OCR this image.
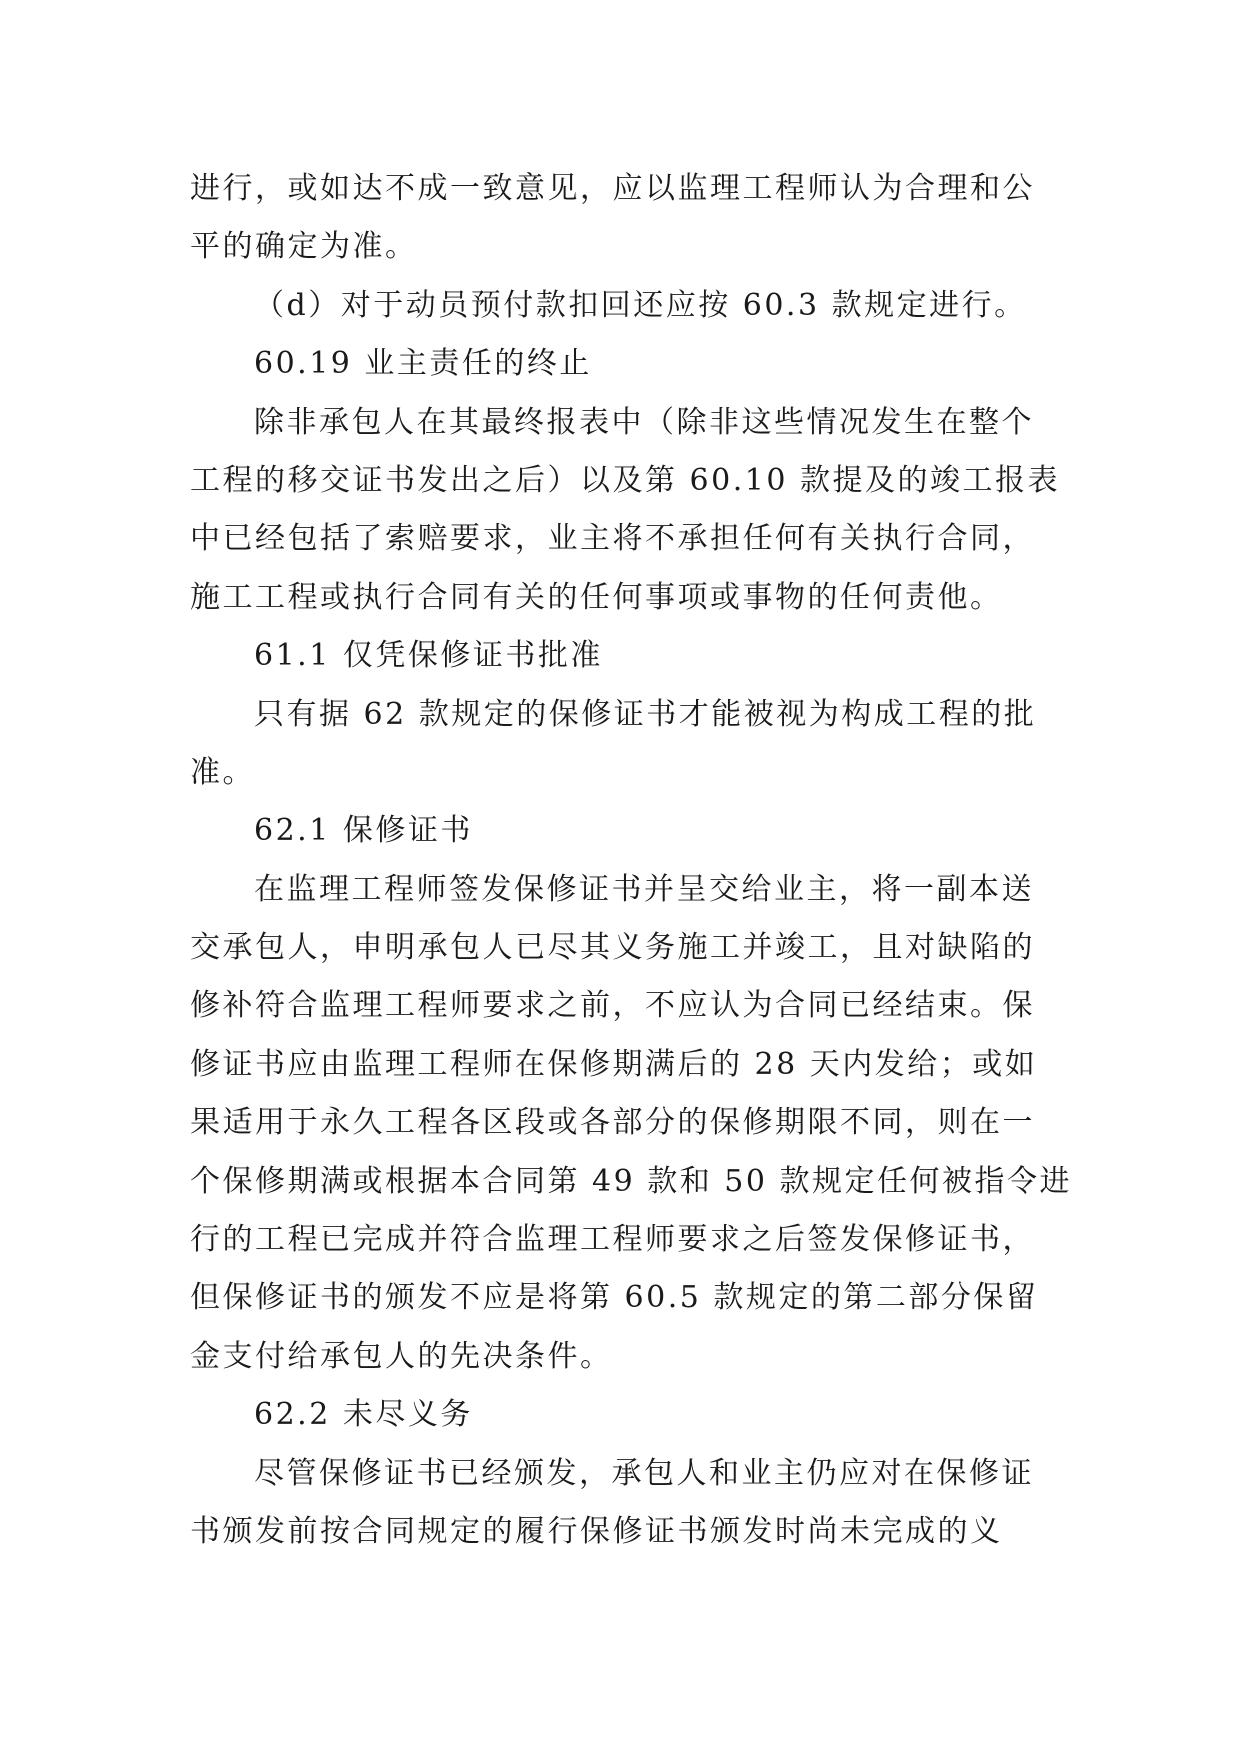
进行，或如达不成一致意见，应以监理工程师认为合理和公
平的确定为准。
（d）对于动员预付款扣回还应按 60.3 款规定进行。
60.19 业主责任的终止
除非承包人在其最终报表中（除非这些情况发生在整个
工程的移交证书发出之后）以及第 60.10 款提及的竣工报表
中已经包括了索赔要求，业主将不承担任何有关执行合同，
施工工程或执行合同有关的任何事项或事物的任何责他。
61.1 仅凭保修证书批准
只有据 62 款规定的保修证书才能被视为构成工程的批
准。
62.1 保修证书
在监理工程师签发保修证书并呈交给业主，将一副本送
交承包人，申明承包人已尽其义务施工并竣工，且对缺陷的
修补符合监理工程师要求之前，不应认为合同已经结束。保
修证书应由监理工程师在保修期满后的 28 天内发给；或如
果适用于永久工程各区段或各部分的保修期限不同，则在一
个保修期满或根据本合同第 49 款和 50 款规定任何被指令进
行的工程已完成并符合监理工程师要求之后签发保修证书，
但保修证书的颁发不应是将第 60.5 款规定的第二部分保留
金支付给承包人的先决条件。
62.2 未尽义务
尽管保修证书已经颁发，承包人和业主仍应对在保修证
书颁发前按合同规定的履行保修证书颁发时尚未完成的义
